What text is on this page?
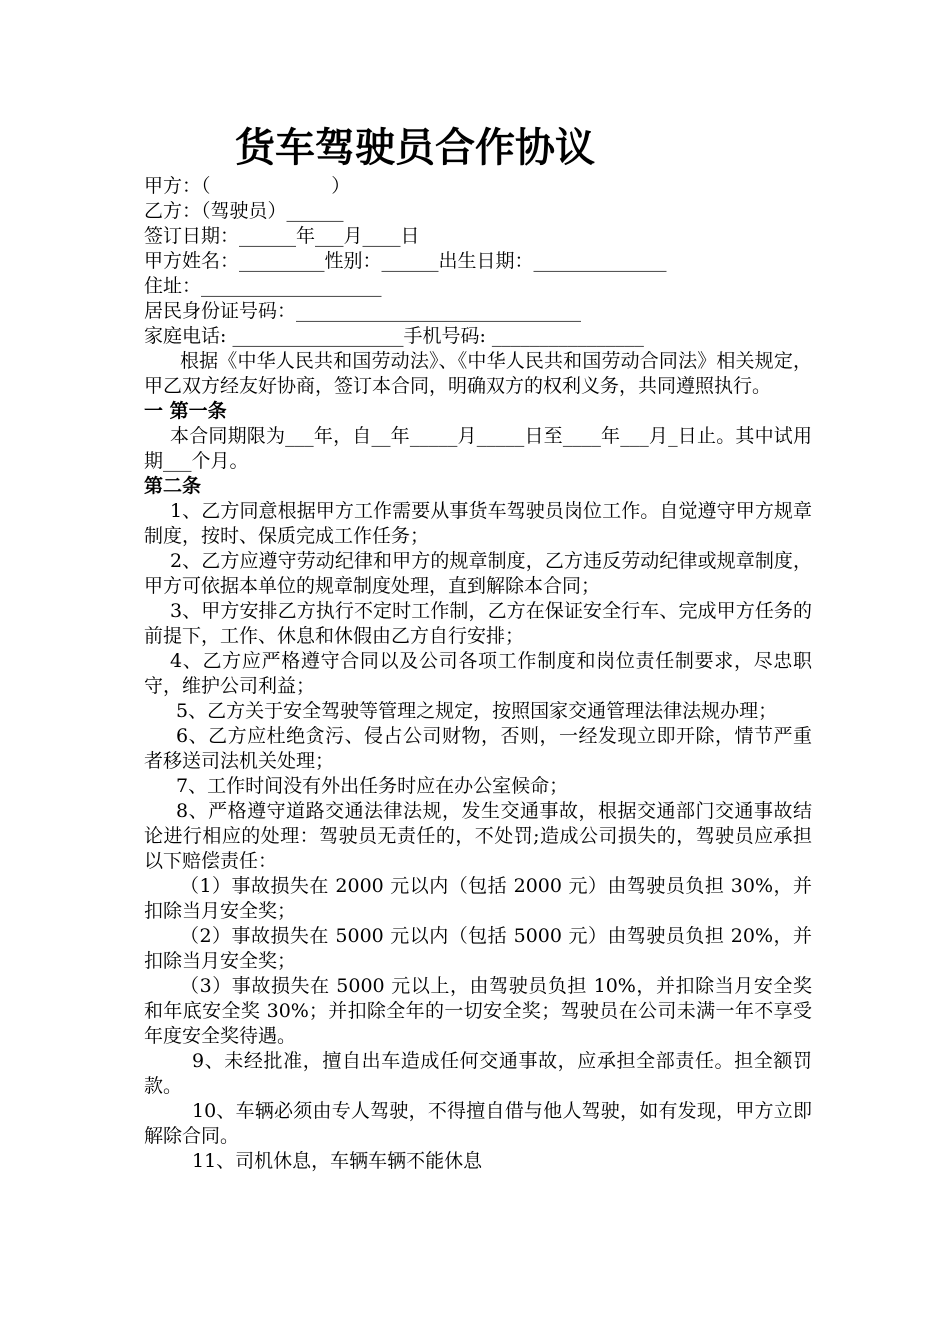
货车驾驶员合作协议

甲方：（                    ）

乙方：（驾驶员）______

签订日期：______年___月____日

甲方姓名：_________性别：______出生日期：______________

住址：___________________

居民身份证号码：______________________________

家庭电话: __________________手机号码: ________________

根据《中华人民共和国劳动法》、《中华人民共和国劳动合同法》相关规定，甲乙双方经友好协商，签订本合同，明确双方的权利义务，共同遵照执行。

一 第一条

本合同期限为___年，自__年_____月_____日至____年___月_日止。其中试用期___个月。

第二条

1、乙方同意根据甲方工作需要从事货车驾驶员岗位工作。自觉遵守甲方规章制度，按时、保质完成工作任务；

2、乙方应遵守劳动纪律和甲方的规章制度，乙方违反劳动纪律或规章制度，甲方可依据本单位的规章制度处理，直到解除本合同；

3、甲方安排乙方执行不定时工作制，乙方在保证安全行车、完成甲方任务的前提下，工作、休息和休假由乙方自行安排；

4、乙方应严格遵守合同以及公司各项工作制度和岗位责任制要求，尽忠职守，维护公司利益；

5、乙方关于安全驾驶等管理之规定，按照国家交通管理法律法规办理；

6、乙方应杜绝贪污、侵占公司财物，否则，一经发现立即开除，情节严重者移送司法机关处理；

7、工作时间没有外出任务时应在办公室候命；

8、严格遵守道路交通法律法规，发生交通事故，根据交通部门交通事故结论进行相应的处理：驾驶员无责任的，不处罚;造成公司损失的，驾驶员应承担以下赔偿责任：

（1）事故损失在 2000 元以内（包括 2000 元）由驾驶员负担 30%，并扣除当月安全奖；

（2）事故损失在 5000 元以内（包括 5000 元）由驾驶员负担 20%，并扣除当月安全奖；

（3）事故损失在 5000 元以上，由驾驶员负担 10%，并扣除当月安全奖和年底安全奖 30%；并扣除全年的一切安全奖；驾驶员在公司未满一年不享受年度安全奖待遇。

9、未经批准，擅自出车造成任何交通事故，应承担全部责任。担全额罚款。

10、车辆必须由专人驾驶，不得擅自借与他人驾驶，如有发现，甲方立即解除合同。

11、司机休息，车辆车辆不能休息
